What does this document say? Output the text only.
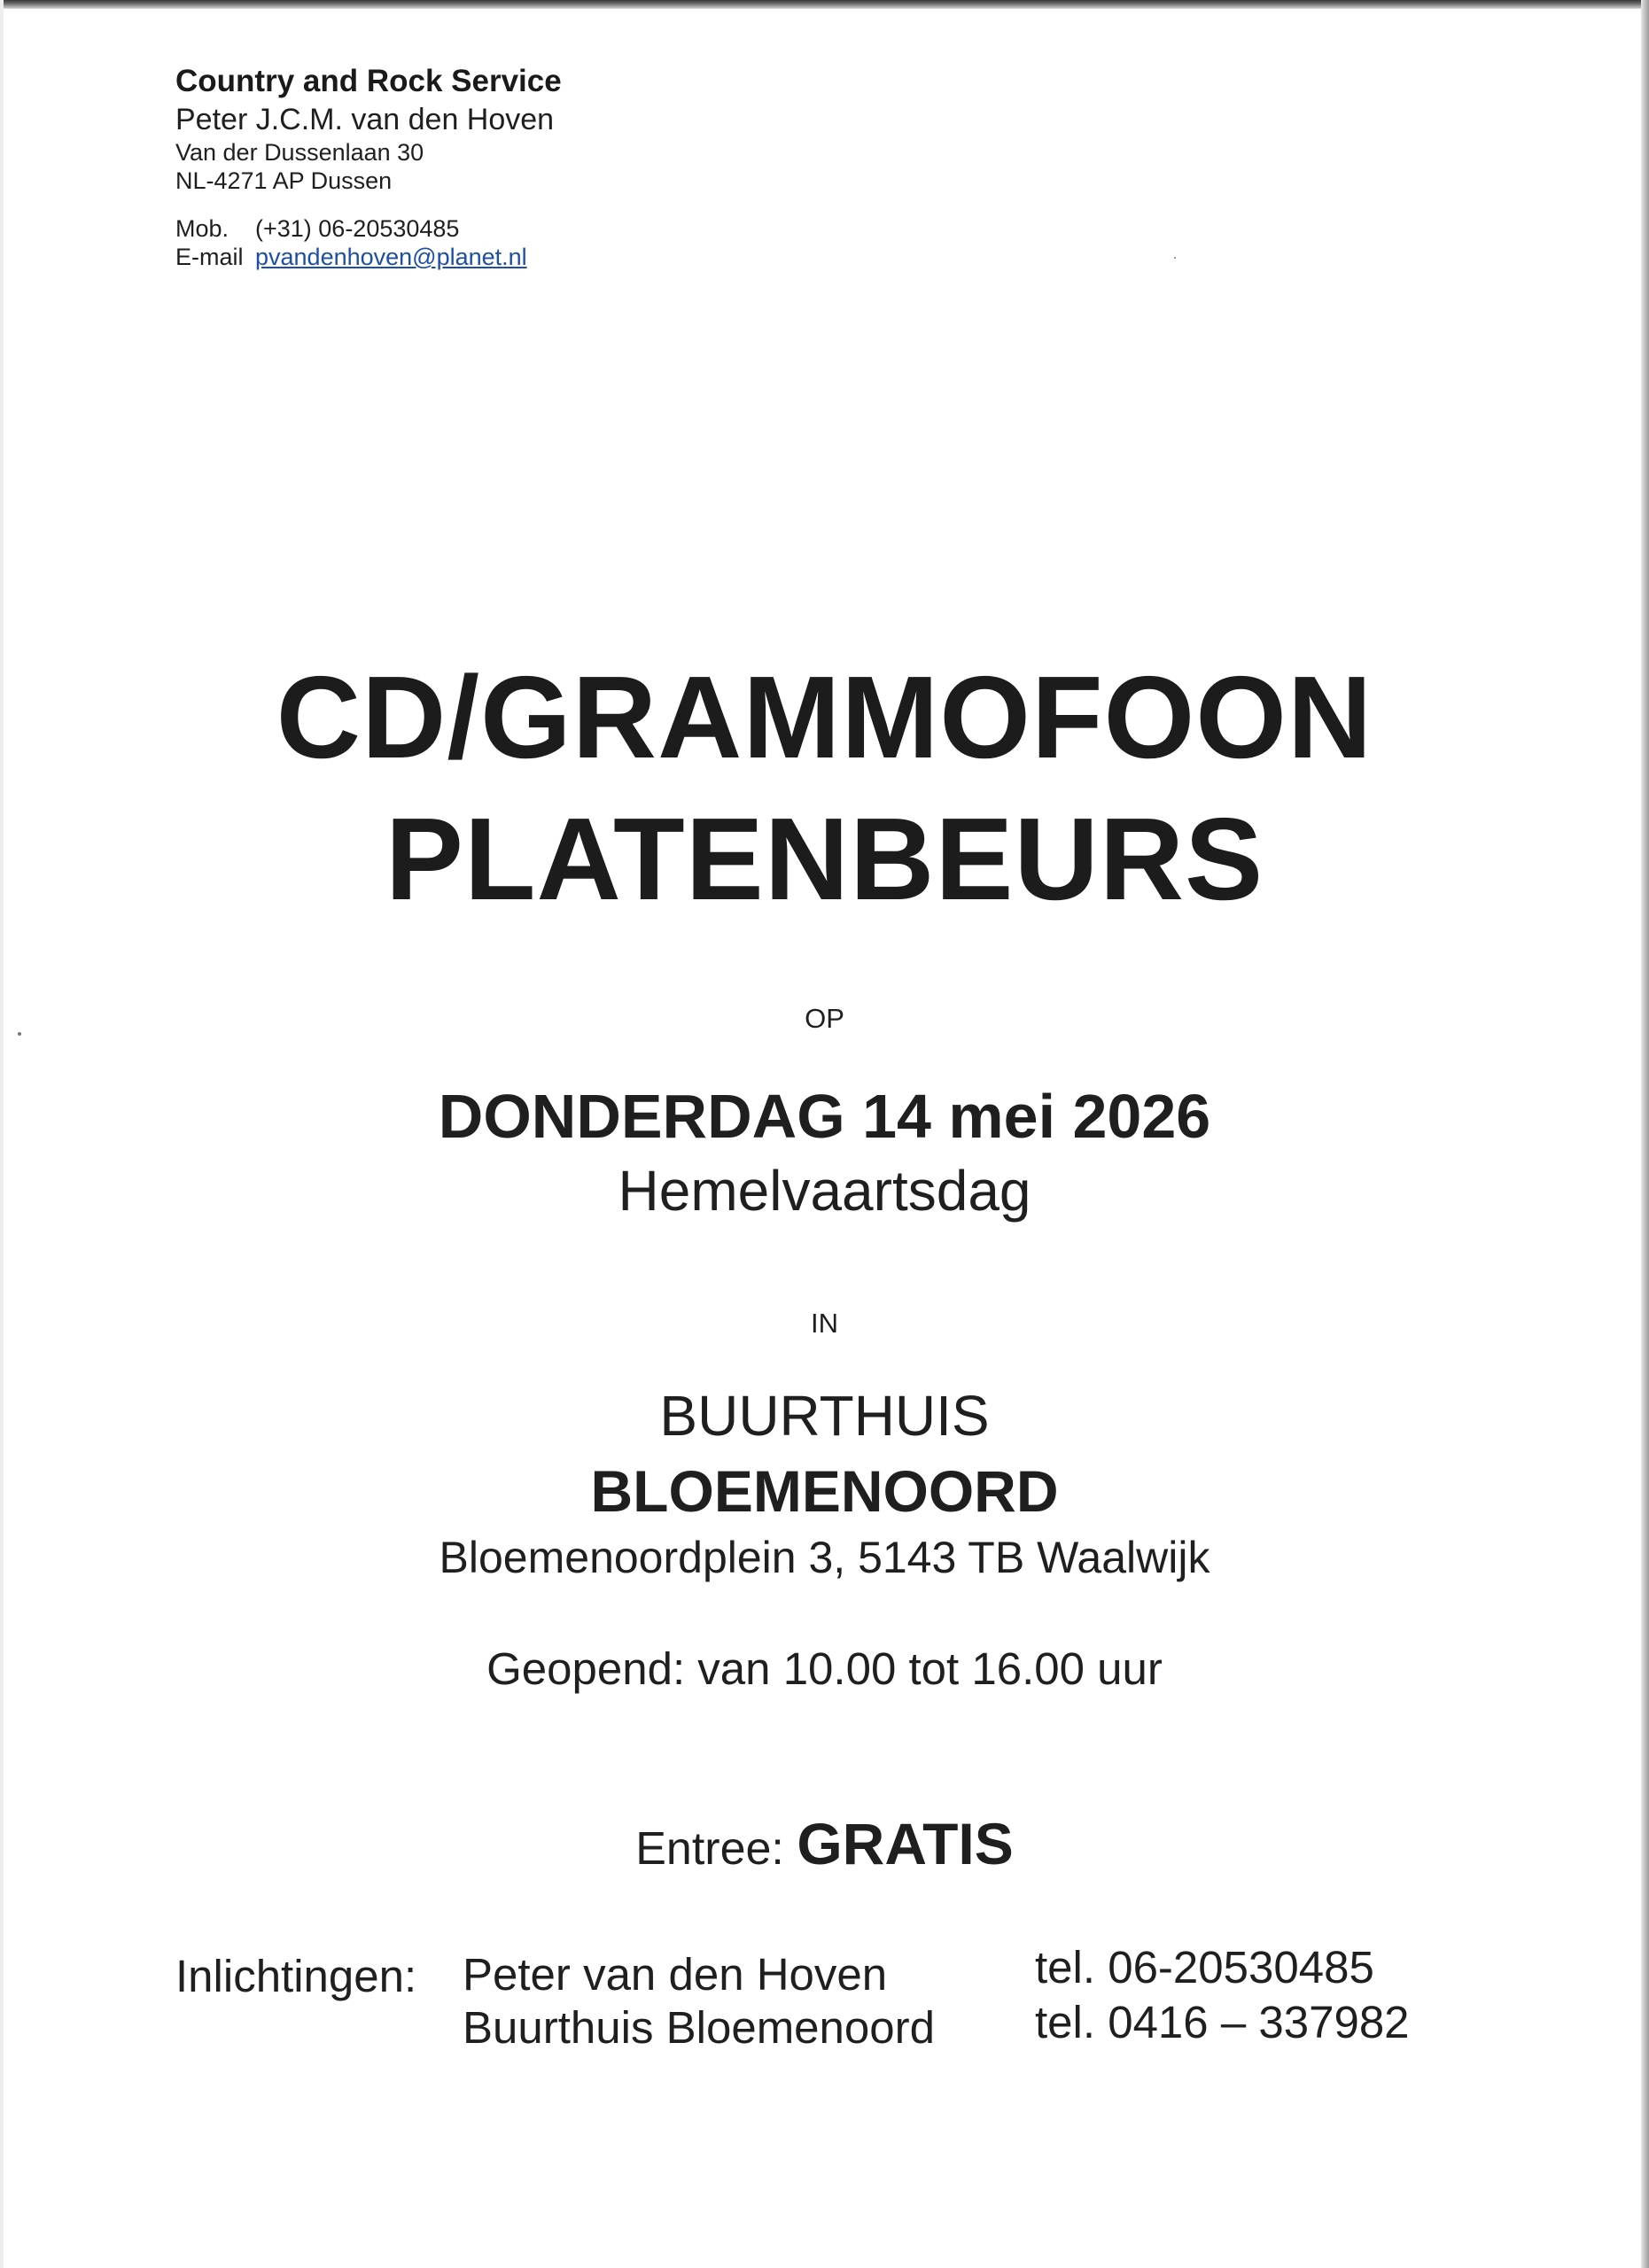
Country and Rock Service
Peter J.C.M. van den Hoven
Van der Dussenlaan 30
NL-4271 AP Dussen
Mob. (+31) 06-20530485
E-mail pvandenhoven@planet.nl
CD/GRAMMOFOON
PLATENBEURS
OP
DONDERDAG 14 mei 2026
Hemelvaartsdag
IN
BUURTHUIS
BLOEMENOORD
Bloemenoordplein 3, 5143 TB Waalwijk
Geopend: van 10.00 tot 16.00 uur
Entree: GRATIS
Inlichtingen: Peter van den Hoven	tel. 06-20530485
Buurthuis Bloemenoord tel. 0416 – 337982
